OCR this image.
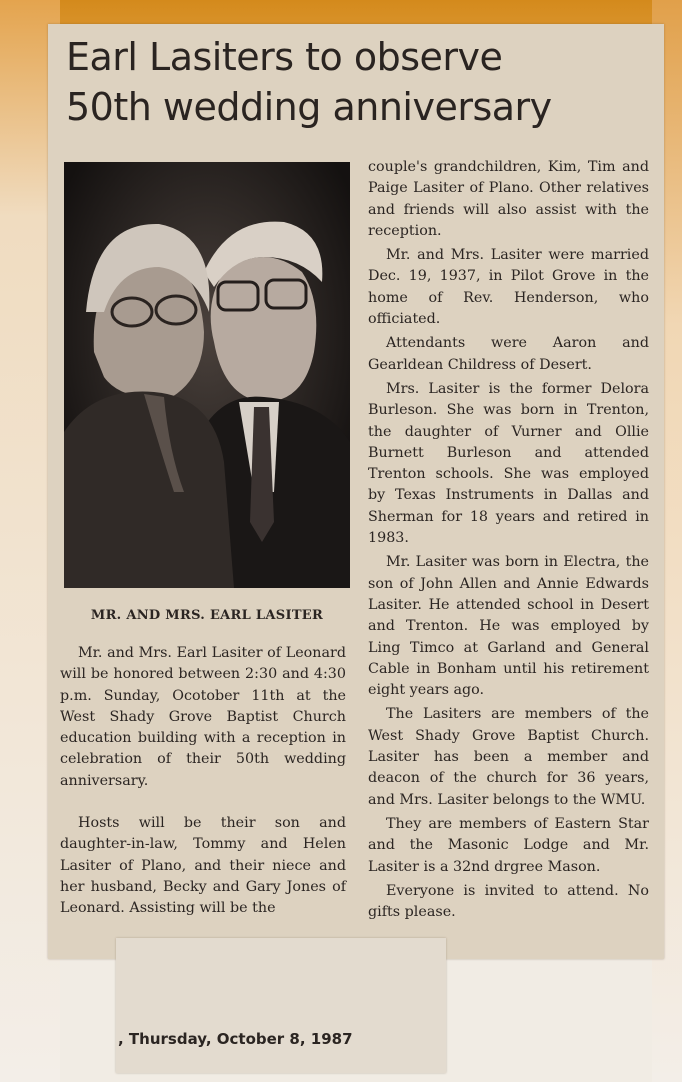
Earl Lasiters to observe
50th wedding anniversary
MR. AND MRS. EARL LASITER

Mr. and Mrs. Earl Lasiter of Leonard will be honored between 2:30 and 4:30 p.m. Sunday, Ocotober 11th at the West Shady Grove Baptist Church education building with a reception in celebration of their 50th wedding anniversary.

Hosts will be their son and daughter-in-law, Tommy and Helen Lasiter of Plano, and their niece and her husband, Becky and Gary Jones of Leonard. Assisting will be the

couple's grandchildren, Kim, Tim and Paige Lasiter of Plano. Other relatives and friends will also assist with the reception.

Mr. and Mrs. Lasiter were married Dec. 19, 1937, in Pilot Grove in the home of Rev. Henderson, who officiated.

Attendants were Aaron and Gearldean Childress of Desert.

Mrs. Lasiter is the former Delora Burleson. She was born in Trenton, the daughter of Vurner and Ollie Burnett Burleson and attended Trenton schools. She was employed by Texas Instruments in Dallas and Sherman for 18 years and retired in 1983.

Mr. Lasiter was born in Electra, the son of John Allen and Annie Edwards Lasiter. He attended school in Desert and Trenton. He was employed by Ling Timco at Garland and General Cable in Bonham until his retirement eight years ago.

The Lasiters are members of the West Shady Grove Baptist Church. Lasiter has been a member and deacon of the church for 36 years, and Mrs. Lasiter belongs to the WMU.

They are members of Eastern Star and the Masonic Lodge and Mr. Lasiter is a 32nd drgree Mason.

Everyone is invited to attend. No gifts please.

, Thursday, October 8, 1987
